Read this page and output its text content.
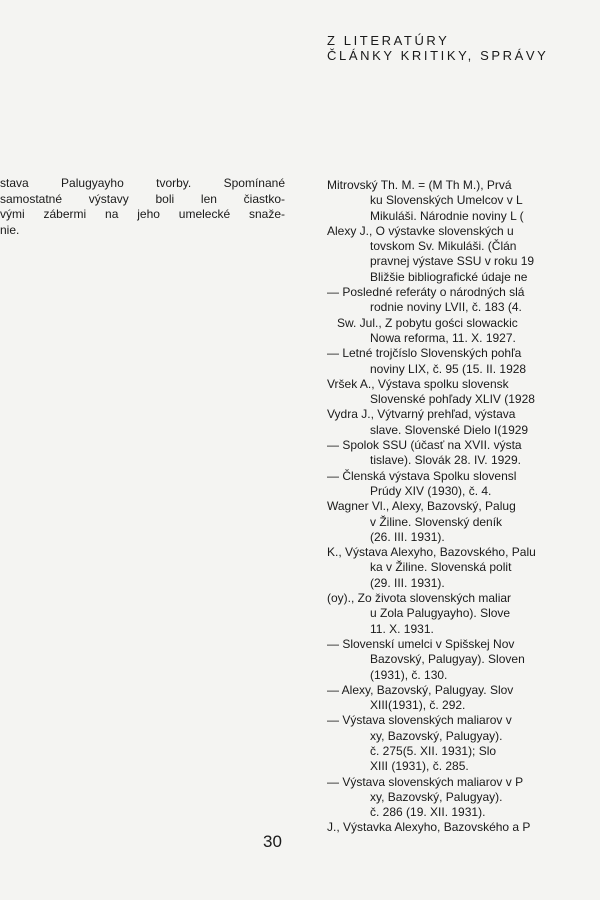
Z LITERATÚRY
ČLÁNKY KRITIKY, SPRÁVY
stava Palugyayho tvorby. Spomínané
samostatné výstavy boli len čiastko-
vými zábermi na jeho umelecké snaže-
nie.
Mitrovský Th. M. = (M Th M.), Prvá
ku Slovenských Umelcov v L
Mikuláši. Národnie noviny L (
Alexy J., O výstavke slovenských u
tovskom Sv. Mikuláši. (Člán
pravnej výstave SSU v roku 19
Bližšie bibliografické údaje ne
— Posledné referáty o národných slá
rodnie noviny LVII, č. 183 (4.
Sw. Jul., Z pobytu gości slowackic
Nowa reforma, 11. X. 1927.
— Letné trojčíslo Slovenských pohľa
noviny LIX, č. 95 (15. II. 1928
Vršek A., Výstava spolku slovensk
Slovenské pohľady XLIV (1928
Vydra J., Výtvarný prehľad, výstava
slave. Slovenské Dielo I(1929
— Spolok SSU (účasť na XVII. výsta
tislave). Slovák 28. IV. 1929.
— Členská výstava Spolku slovensl
Prúdy XIV (1930), č. 4.
Wagner Vl., Alexy, Bazovský, Palug
v Žiline. Slovenský deník
(26. III. 1931).
K., Výstava Alexyho, Bazovského, Palu
ka v Žiline. Slovenská polit
(29. III. 1931).
(oy)., Zo života slovenských maliar
u Zola Palugyayho). Slove
11. X. 1931.
— Slovenskí umelci v Spišskej Nov
Bazovský, Palugyay). Sloven
(1931), č. 130.
— Alexy, Bazovský, Palugyay. Slov
XIII(1931), č. 292.
— Výstava slovenských maliarov v
xy, Bazovský, Palugyay).
č. 275(5. XII. 1931); Slo
XIII (1931), č. 285.
— Výstava slovenských maliarov v P
xy, Bazovský, Palugyay).
č. 286 (19. XII. 1931).
J., Výstavka Alexyho, Bazovského a P
30
